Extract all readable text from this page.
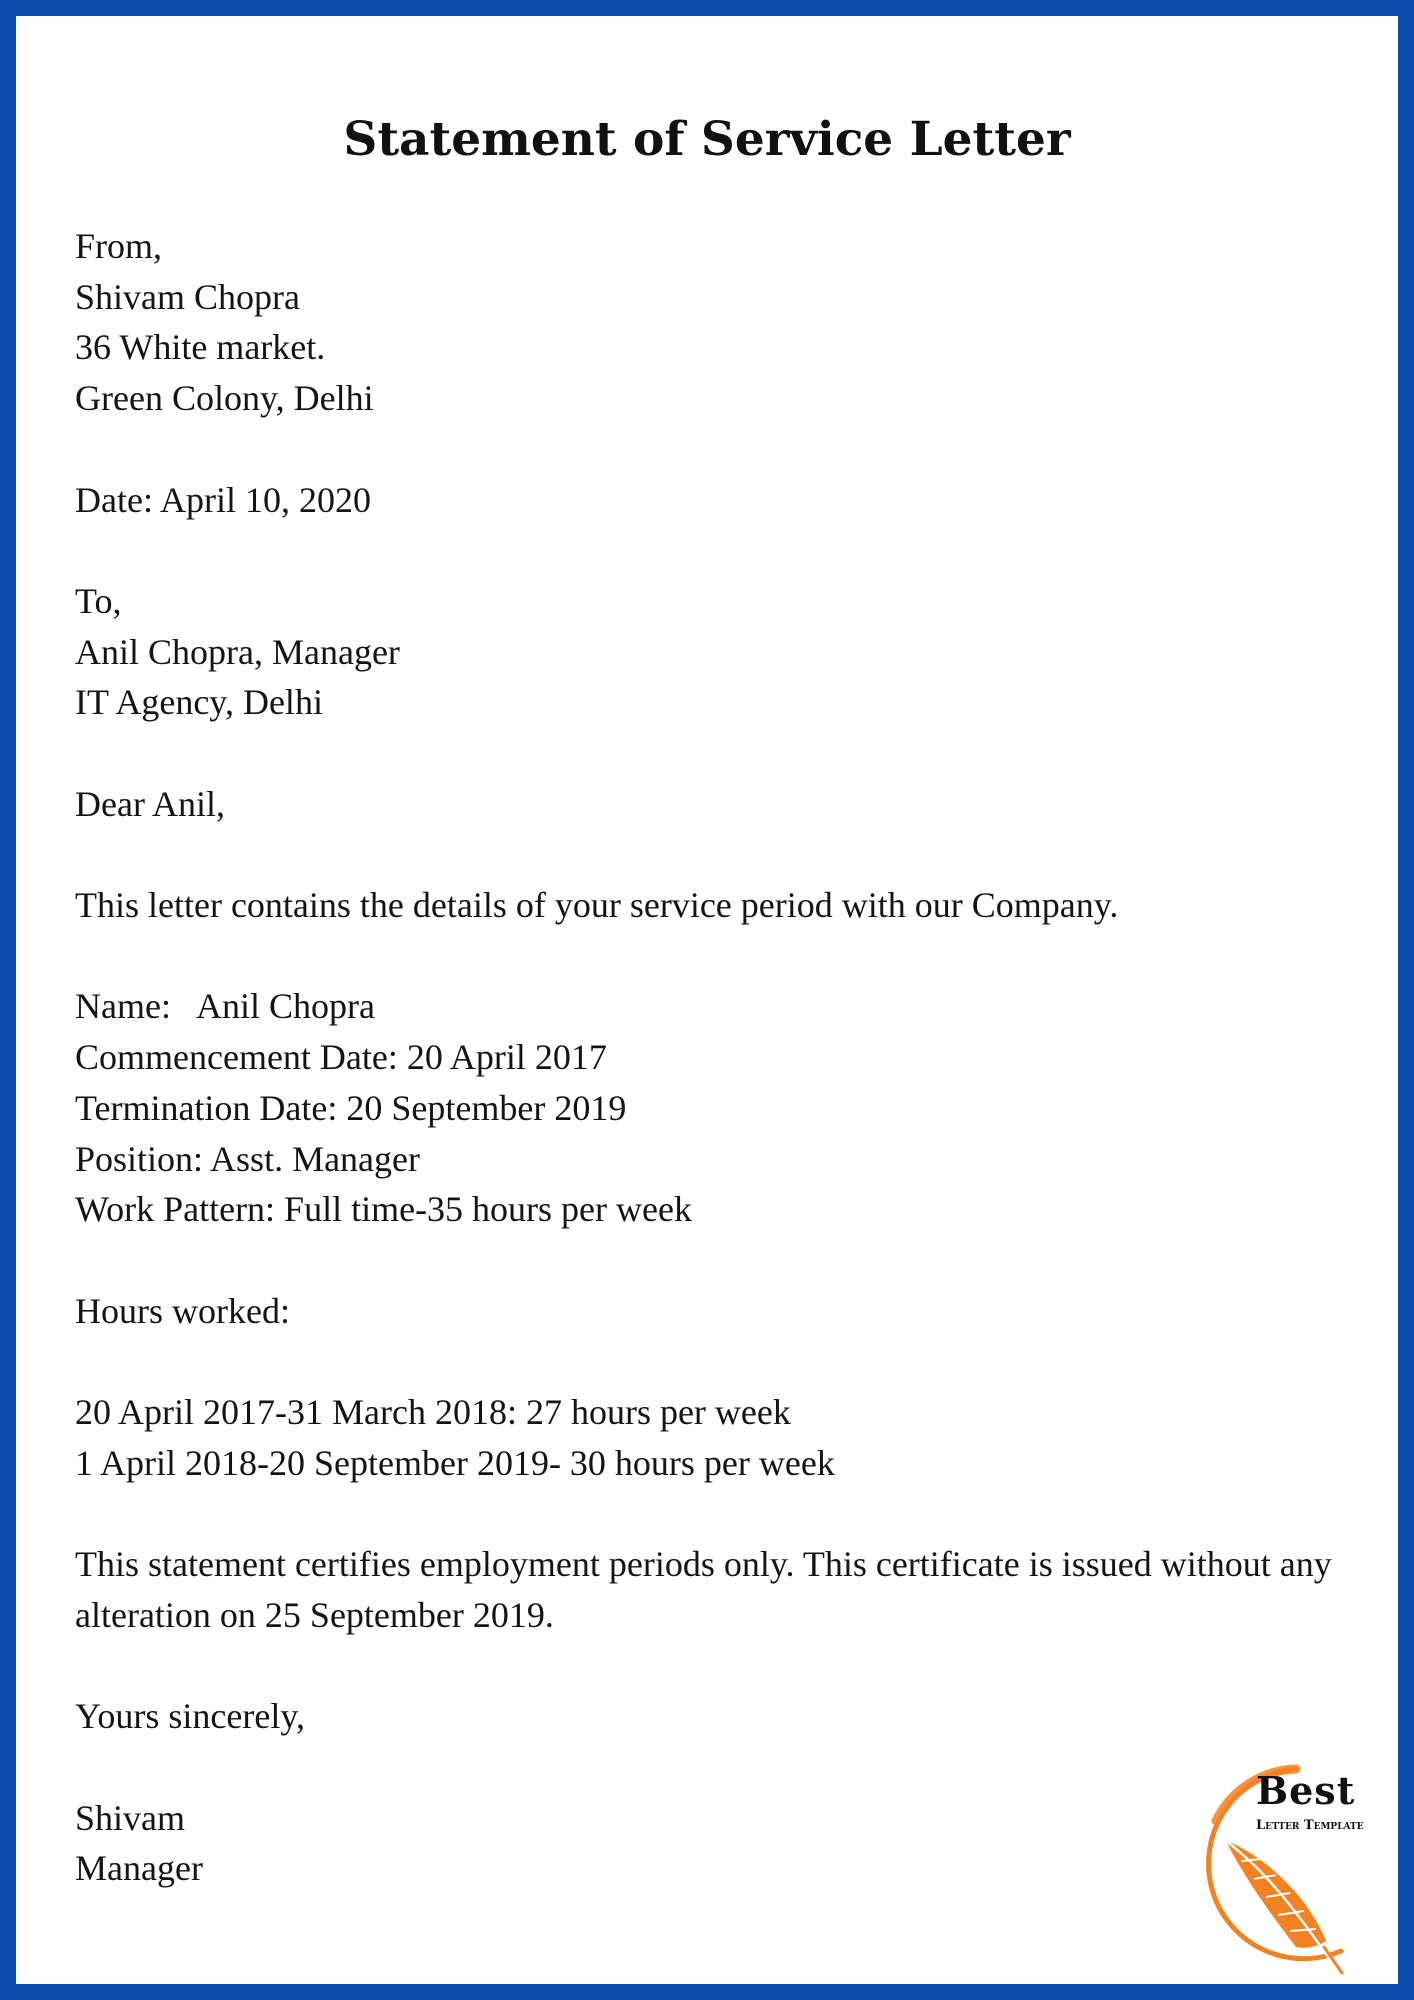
Statement of Service Letter
From,
Shivam Chopra
36 White market.
Green Colony, Delhi
Date: April 10, 2020
To,
Anil Chopra, Manager
IT Agency, Delhi
Dear Anil,
This letter contains the details of your service period with our Company.
Name:   Anil Chopra
Commencement Date: 20 April 2017
Termination Date: 20 September 2019
Position: Asst. Manager
Work Pattern: Full time-35 hours per week
Hours worked:
20 April 2017-31 March 2018: 27 hours per week
1 April 2018-20 September 2019- 30 hours per week
This statement certifies employment periods only. This certificate is issued without any alteration on 25 September 2019.
Yours sincerely,
Shivam
Manager
Best
Letter Template
